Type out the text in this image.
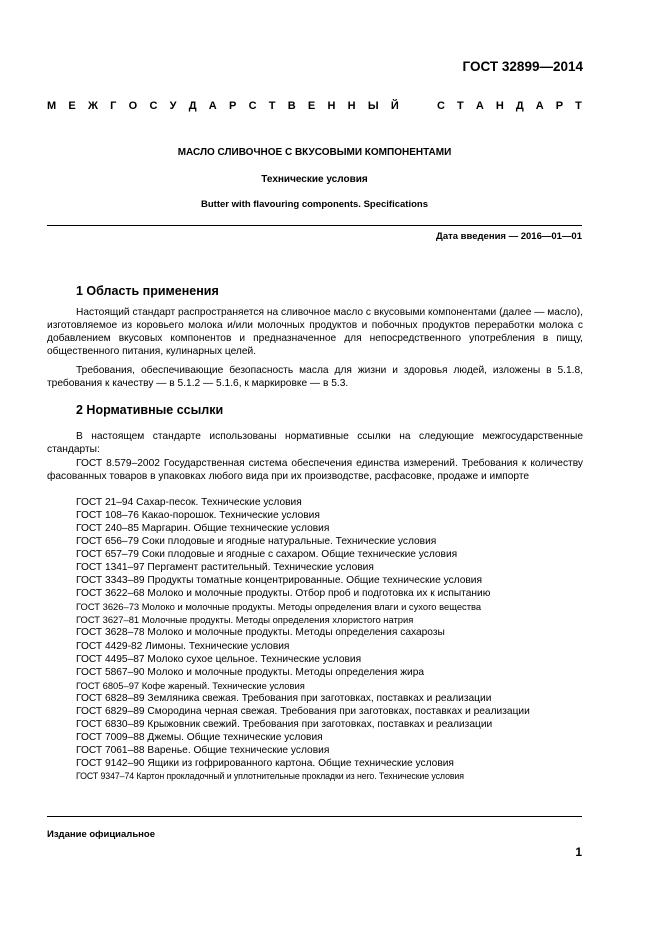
ГОСТ 32899—2014
М Е Ж Г О С У Д А Р С Т В Е Н Н Ы Й	С Т А Н Д А Р Т
МАСЛО СЛИВОЧНОЕ С ВКУСОВЫМИ КОМПОНЕНТАМИ
Технические условия
Butter with flavouring components. Specifications
Дата введения — 2016—01—01
1 Область применения

Настоящий стандарт распространяется на сливочное масло с вкусовыми компонентами (далее — масло), изготовляемое из коровьего молока и/или молочных продуктов и побочных продуктов переработки молока с добавлением вкусовых компонентов и предназначенное для непосредственного употребления в пищу, общественного питания, кулинарных целей.

Требования, обеспечивающие безопасность масла для жизни и здоровья людей, изложены в 5.1.8, требования к качеству — в 5.1.2 — 5.1.6, к маркировке — в 5.3.

2 Нормативные ссылки

В настоящем стандарте использованы нормативные ссылки на следующие межгосударственные стандарты:

ГОСТ 8.579–2002 Государственная система обеспечения единства измерений. Требования к количеству фасованных товаров в упаковках любого вида при их производстве, расфасовке, продаже и импорте

ГОСТ 21–94 Сахар-песок. Технические условия
ГОСТ 108–76 Какао-порошок. Технические условия
ГОСТ 240–85 Маргарин. Общие технические условия
ГОСТ 656–79 Соки плодовые и ягодные натуральные. Технические условия
ГОСТ 657–79 Соки плодовые и ягодные с сахаром. Общие технические условия
ГОСТ 1341–97 Пергамент растительный. Технические условия
ГОСТ 3343–89 Продукты томатные концентрированные. Общие технические условия
ГОСТ 3622–68 Молоко и молочные продукты. Отбор проб и подготовка их к испытанию
ГОСТ 3626–73 Молоко и молочные продукты. Методы определения влаги и сухого вещества
ГОСТ 3627–81 Молочные продукты. Методы определения хлористого натрия
ГОСТ 3628–78 Молоко и молочные продукты. Методы определения сахарозы
ГОСТ 4429-82 Лимоны. Технические условия
ГОСТ 4495–87 Молоко сухое цельное. Технические условия
ГОСТ 5867–90 Молоко и молочные продукты. Методы определения жира
ГОСТ 6805–97 Кофе жареный. Технические условия
ГОСТ 6828–89 Земляника свежая. Требования при заготовках, поставках и реализации
ГОСТ 6829–89 Смородина черная свежая. Требования при заготовках, поставках и реализации
ГОСТ 6830–89 Крыжовник свежий. Требования при заготовках, поставках и реализации
ГОСТ 7009–88 Джемы. Общие технические условия
ГОСТ 7061–88 Варенье. Общие технические условия
ГОСТ 9142–90 Ящики из гофрированного картона. Общие технические условия
ГОСТ 9347–74 Картон прокладочный и уплотнительные прокладки из него. Технические условия
Издание официальное
1
